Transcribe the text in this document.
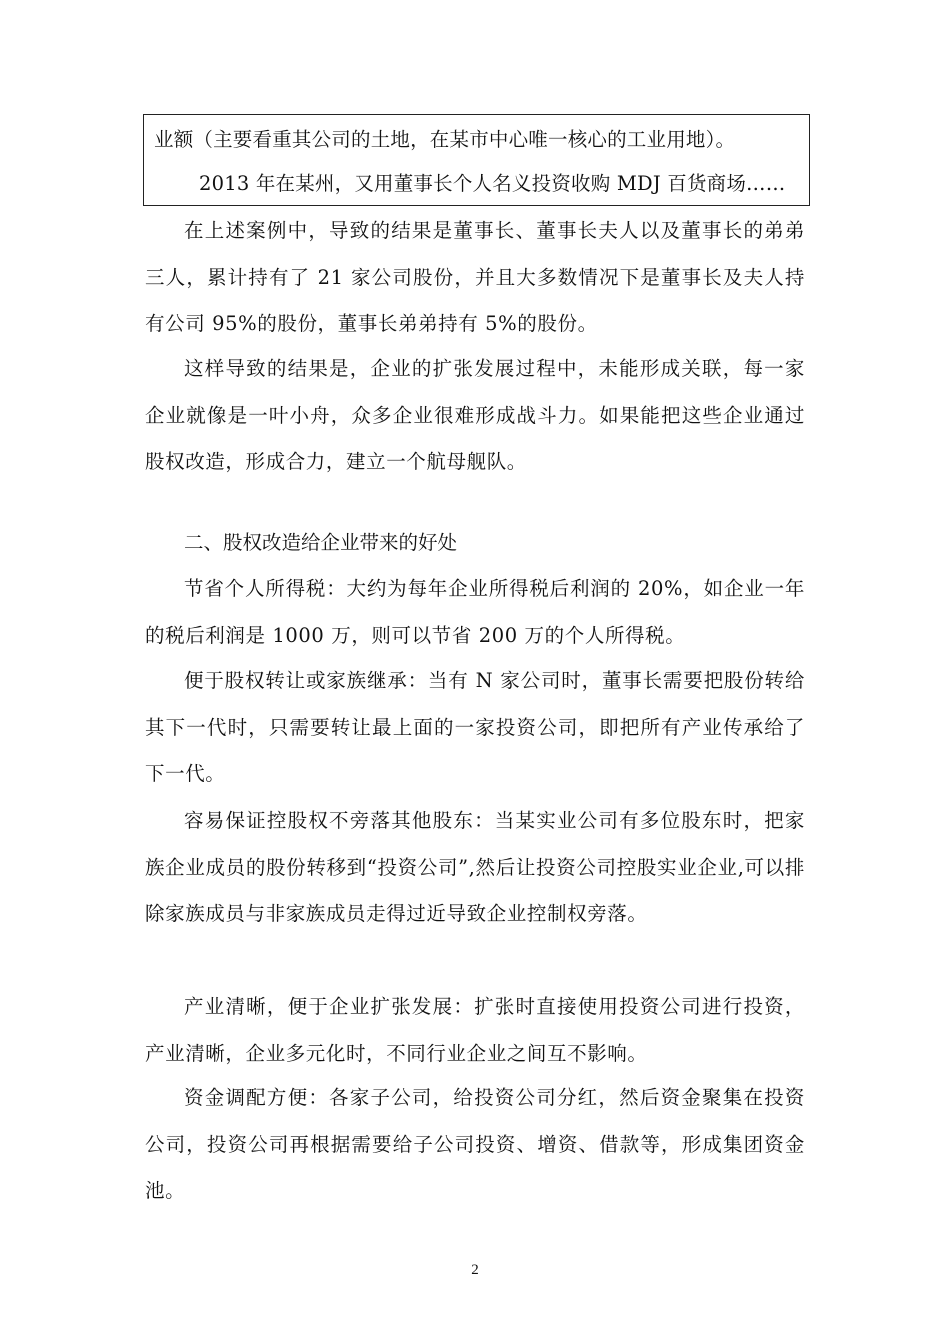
业额（主要看重其公司的土地，在某市中心唯一核心的工业用地）。
2013 年在某州，又用董事长个人名义投资收购 MDJ 百货商场……

在上述案例中，导致的结果是董事长、董事长夫人以及董事长的弟弟三人，累计持有了 21 家公司股份，并且大多数情况下是董事长及夫人持有公司 95%的股份，董事长弟弟持有 5%的股份。

这样导致的结果是，企业的扩张发展过程中，未能形成关联，每一家企业就像是一叶小舟，众多企业很难形成战斗力。如果能把这些企业通过股权改造，形成合力，建立一个航母舰队。

二、股权改造给企业带来的好处

节省个人所得税：大约为每年企业所得税后利润的 20%，如企业一年的税后利润是 1000 万，则可以节省 200 万的个人所得税。

便于股权转让或家族继承：当有 N 家公司时，董事长需要把股份转给其下一代时，只需要转让最上面的一家投资公司，即把所有产业传承给了下一代。

容易保证控股权不旁落其他股东：当某实业公司有多位股东时，把家族企业成员的股份转移到“投资公司”,然后让投资公司控股实业企业,可以排除家族成员与非家族成员走得过近导致企业控制权旁落。

产业清晰，便于企业扩张发展：扩张时直接使用投资公司进行投资，产业清晰，企业多元化时，不同行业企业之间互不影响。

资金调配方便：各家子公司，给投资公司分红，然后资金聚集在投资公司，投资公司再根据需要给子公司投资、增资、借款等，形成集团资金池。

2
